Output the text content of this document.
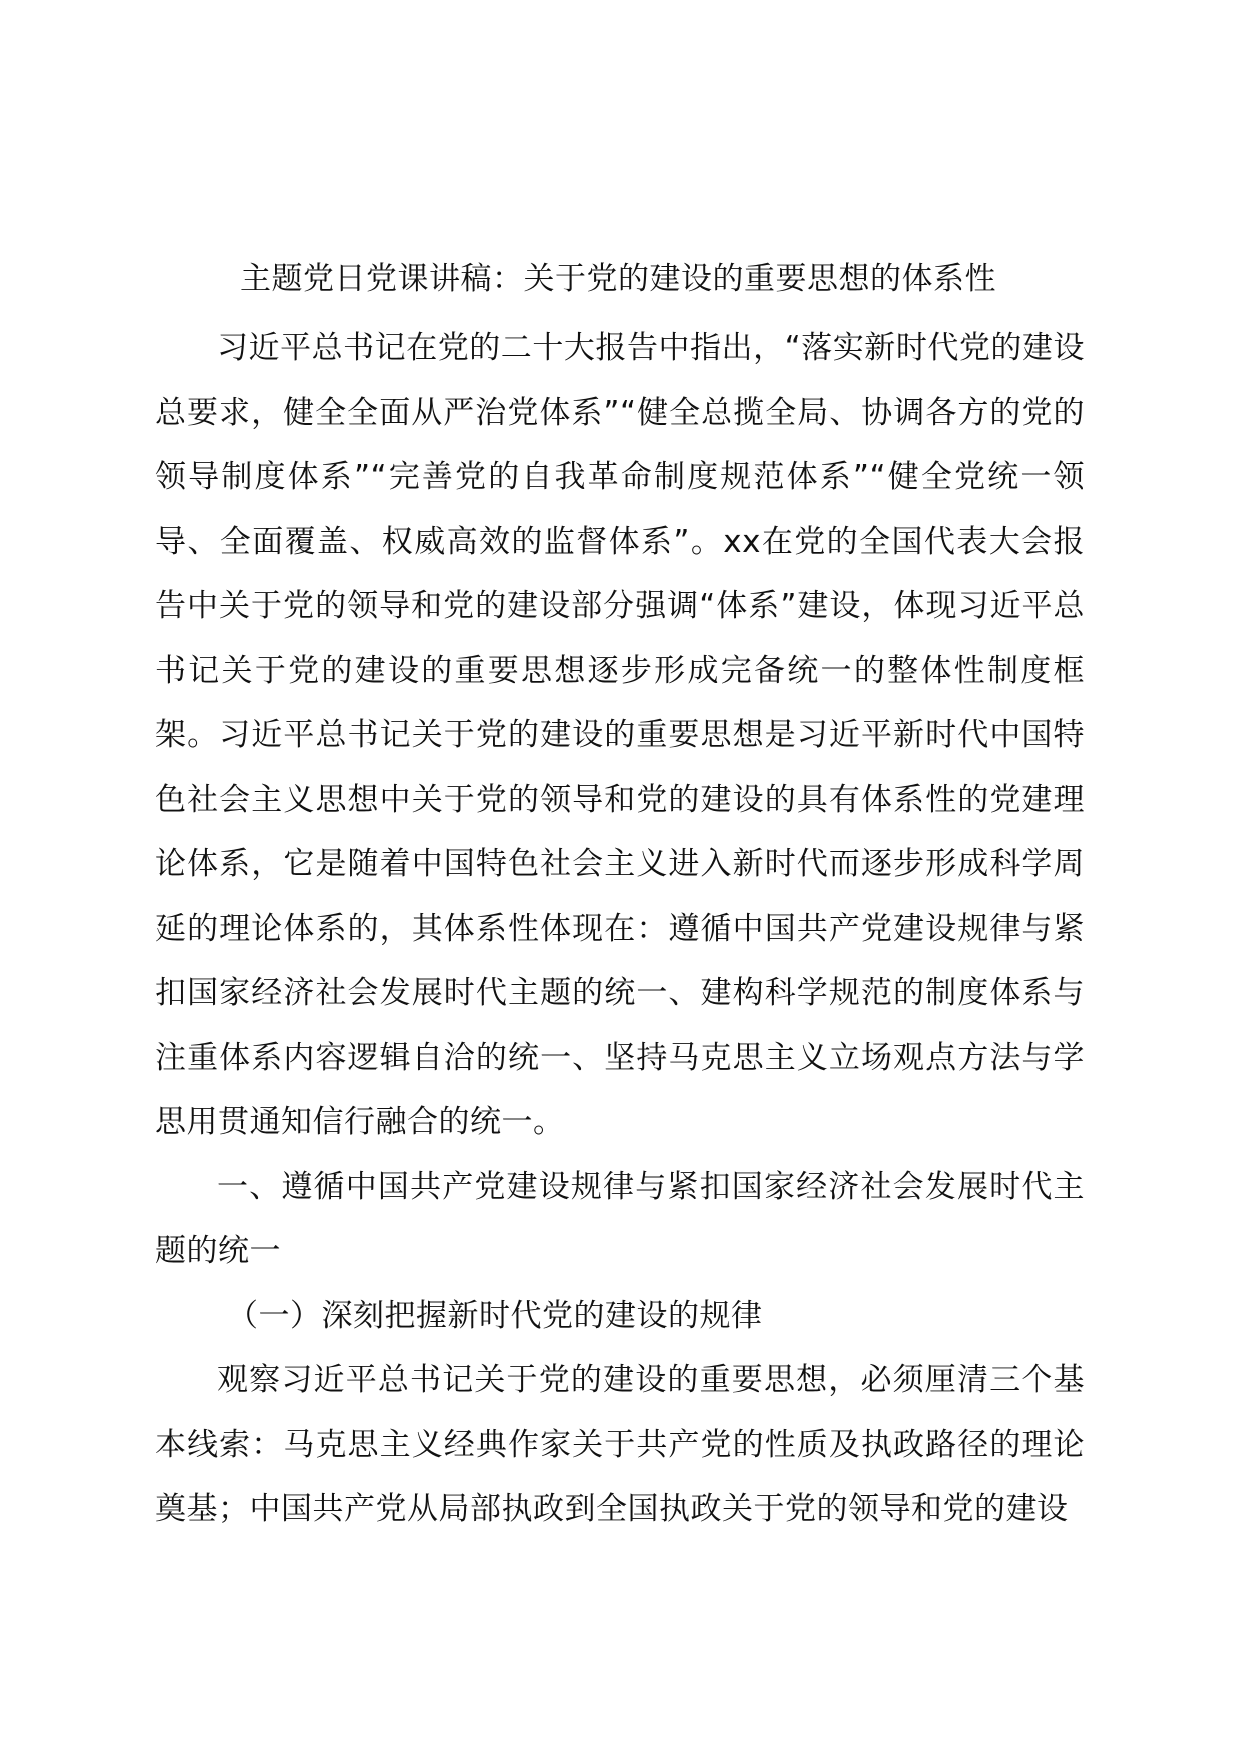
主题党日党课讲稿：关于党的建设的重要思想的体系性

习近平总书记在党的二十大报告中指出，“落实新时代党的建设总要求，健全全面从严治党体系”“健全总揽全局、协调各方的党的领导制度体系”“完善党的自我革命制度规范体系”“健全党统一领导、全面覆盖、权威高效的监督体系”。xx在党的全国代表大会报告中关于党的领导和党的建设部分强调“体系”建设，体现习近平总书记关于党的建设的重要思想逐步形成完备统一的整体性制度框架。习近平总书记关于党的建设的重要思想是习近平新时代中国特色社会主义思想中关于党的领导和党的建设的具有体系性的党建理论体系，它是随着中国特色社会主义进入新时代而逐步形成科学周延的理论体系的，其体系性体现在：遵循中国共产党建设规律与紧扣国家经济社会发展时代主题的统一、建构科学规范的制度体系与注重体系内容逻辑自洽的统一、坚持马克思主义立场观点方法与学思用贯通知信行融合的统一。

一、遵循中国共产党建设规律与紧扣国家经济社会发展时代主题的统一

（一）深刻把握新时代党的建设的规律

观察习近平总书记关于党的建设的重要思想，必须厘清三个基本线索：马克思主义经典作家关于共产党的性质及执政路径的理论奠基；中国共产党从局部执政到全国执政关于党的领导和党的建设
